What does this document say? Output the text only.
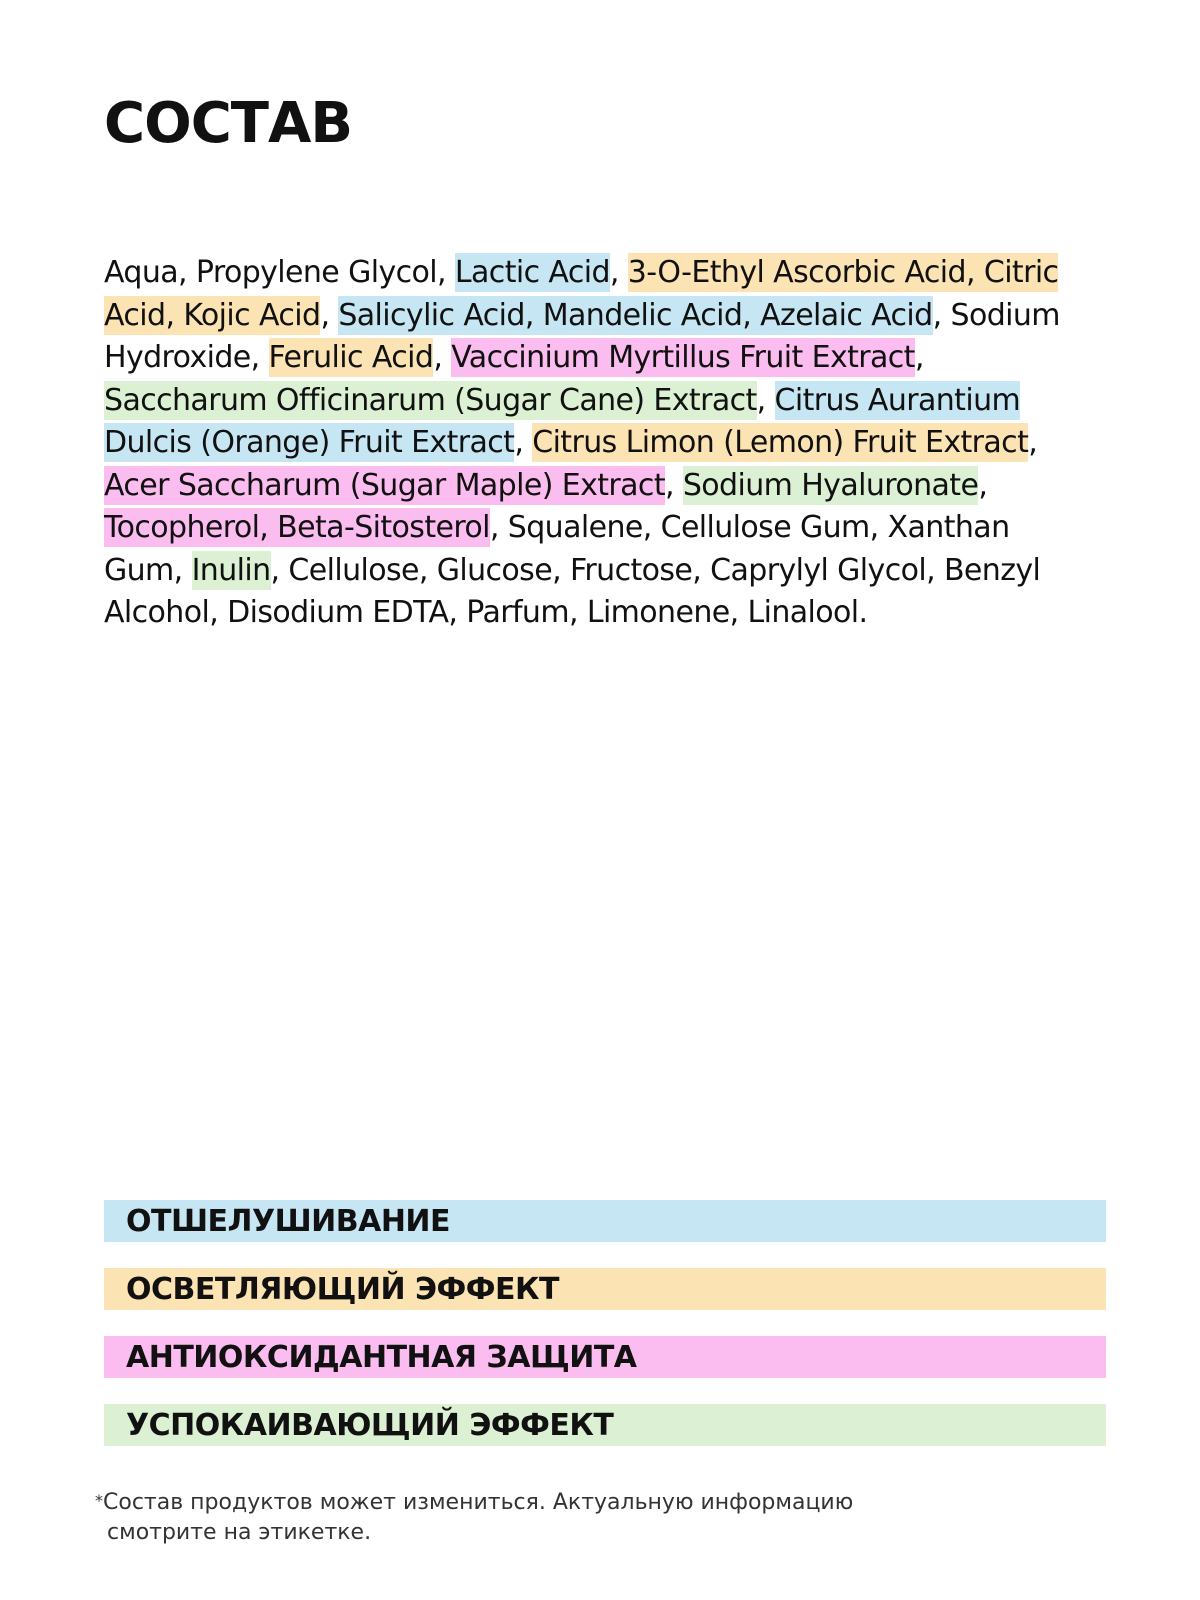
СОСТАВ

Aqua, Propylene Glycol, Lactic Acid, 3-O-Ethyl Ascorbic Acid, Citric Acid, Kojic Acid, Salicylic Acid, Mandelic Acid, Azelaic Acid, Sodium Hydroxide, Ferulic Acid, Vaccinium Myrtillus Fruit Extract, Saccharum Officinarum (Sugar Cane) Extract, Citrus Aurantium Dulcis (Orange) Fruit Extract, Citrus Limon (Lemon) Fruit Extract, Acer Saccharum (Sugar Maple) Extract, Sodium Hyaluronate, Tocopherol, Beta-Sitosterol, Squalene, Cellulose Gum, Xanthan Gum, Inulin, Cellulose, Glucose, Fructose, Caprylyl Glycol, Benzyl Alcohol, Disodium EDTA, Parfum, Limonene, Linalool.

ОТШЕЛУШИВАНИЕ
ОСВЕТЛЯЮЩИЙ ЭФФЕКТ
АНТИОКСИДАНТНАЯ ЗАЩИТА
УСПОКАИВАЮЩИЙ ЭФФЕКТ

*Состав продуктов может измениться. Актуальную информацию
смотрите на этикетке.
